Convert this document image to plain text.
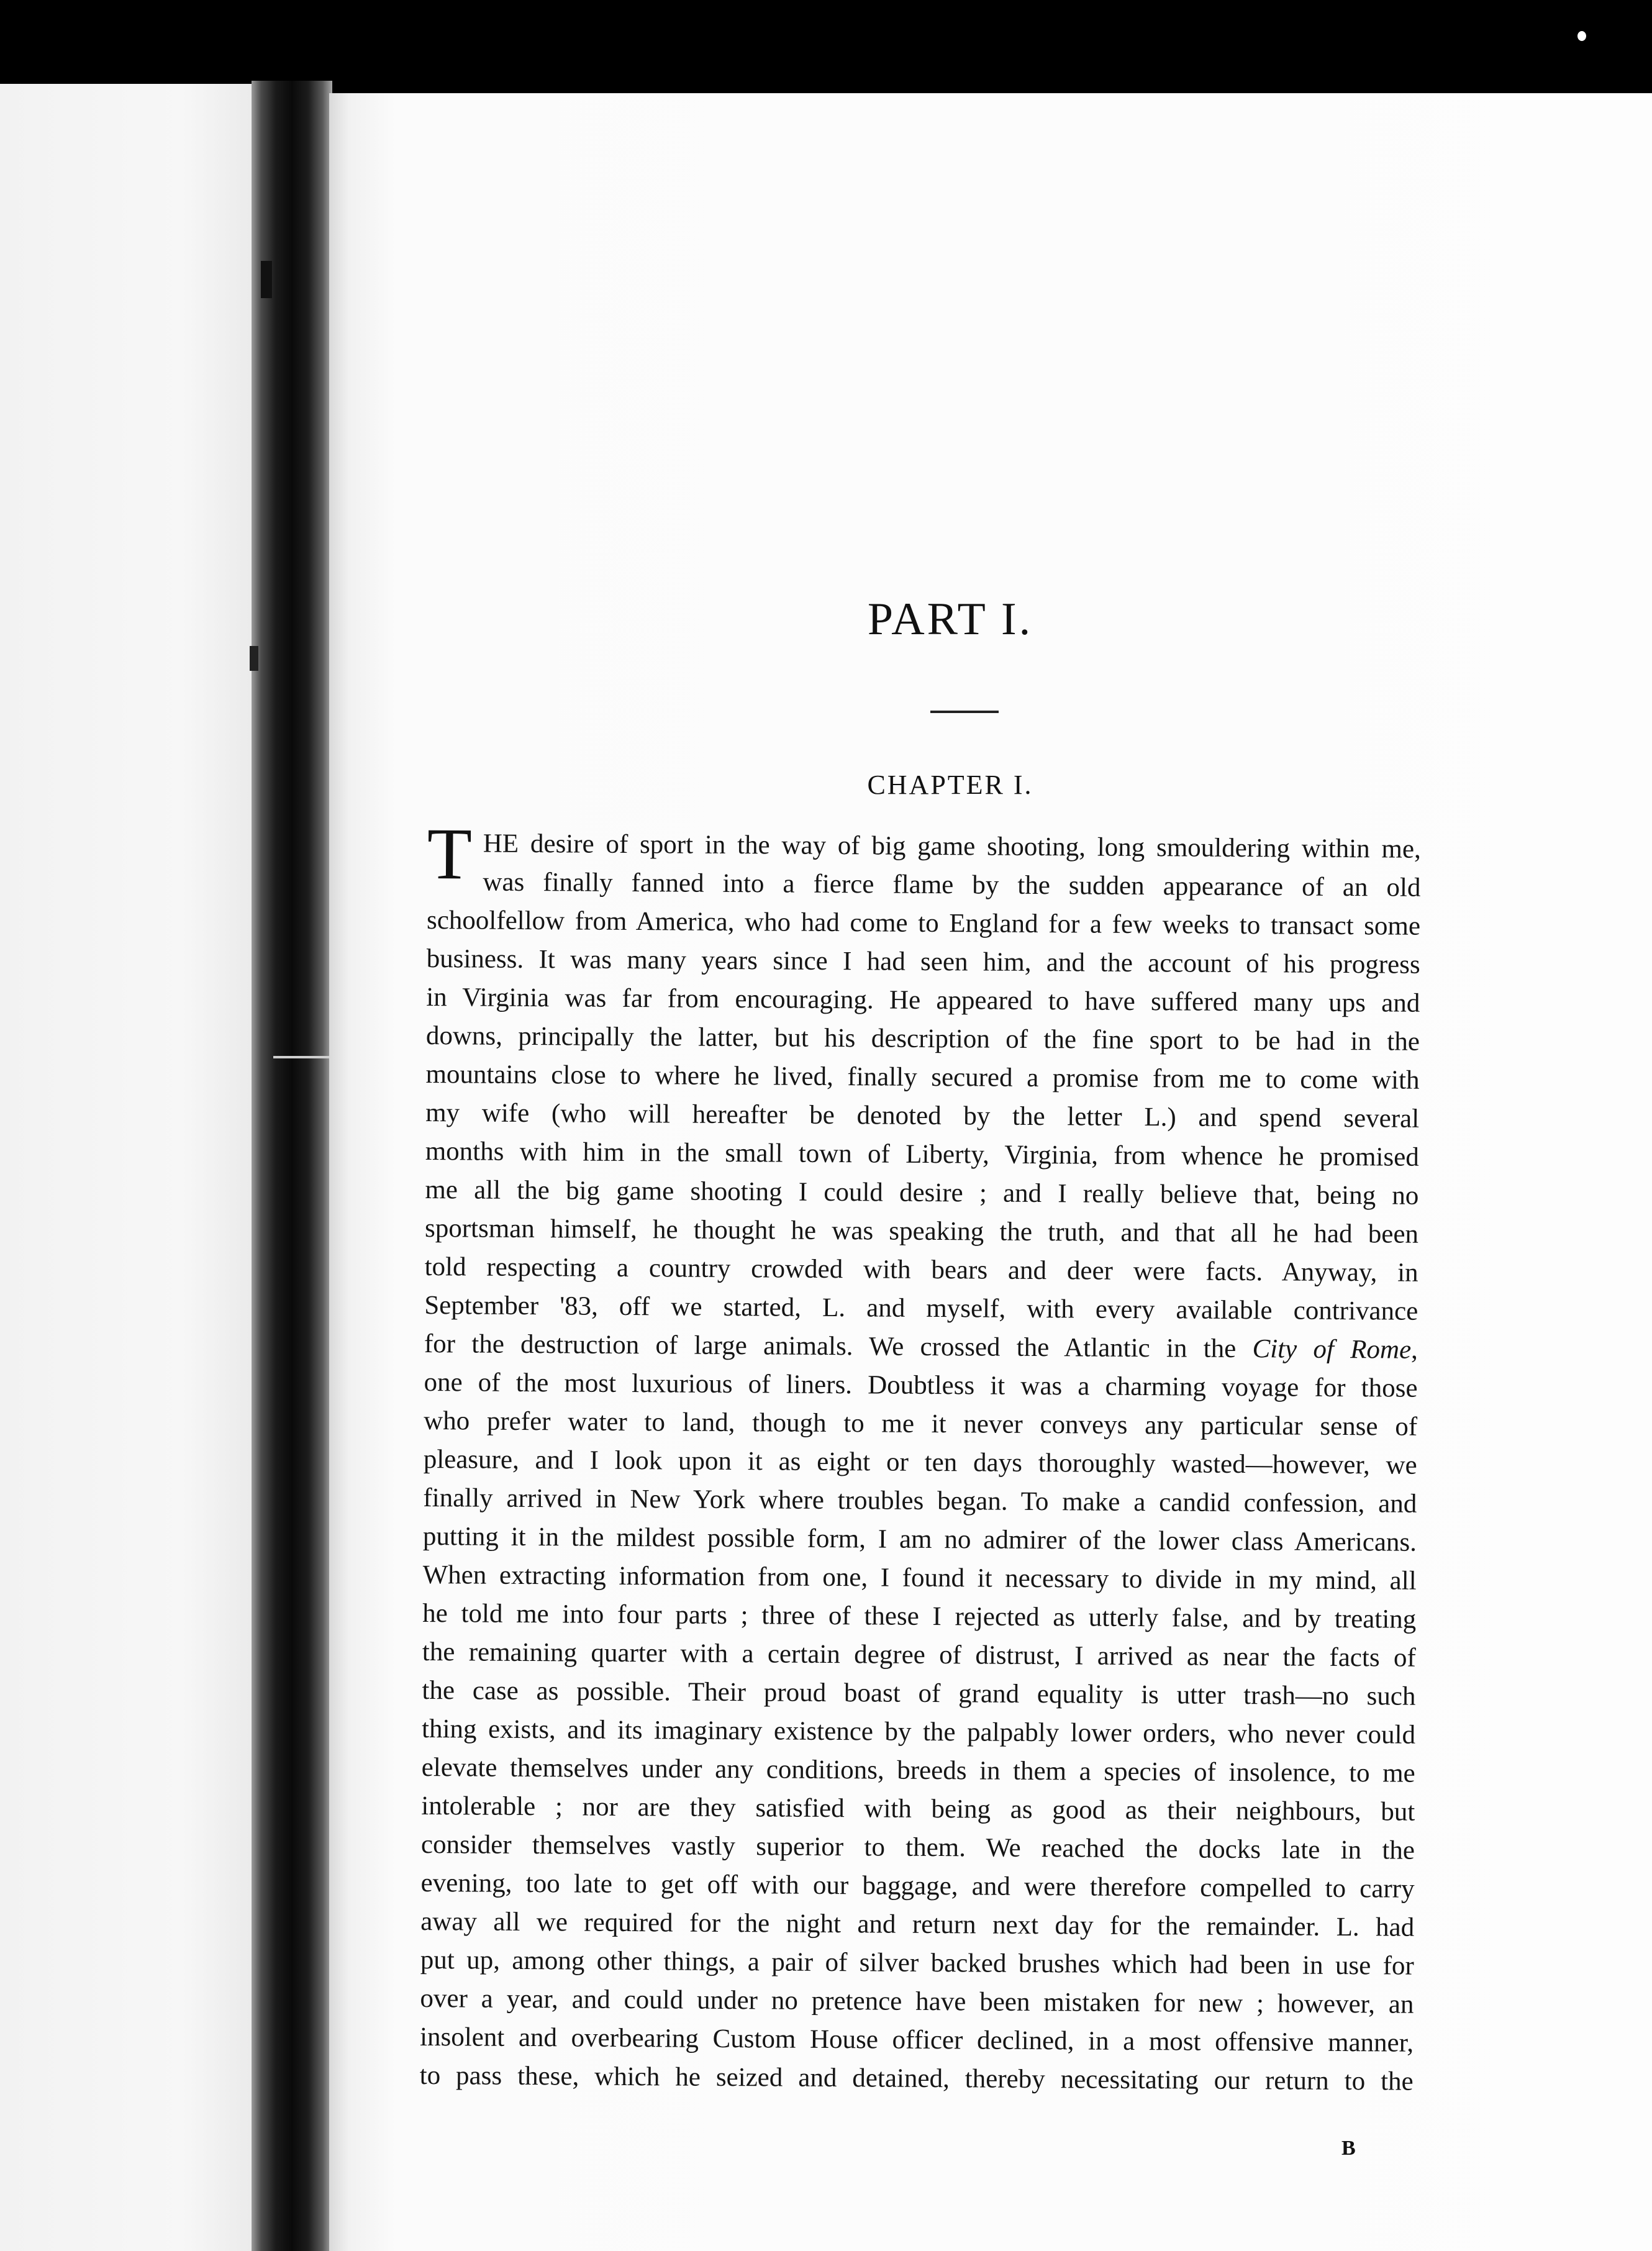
PART I.
CHAPTER I.
T HE desire of sport in the way of big game shooting, long smouldering within me,
was finally fanned into a fierce flame by the sudden appearance of an old
schoolfellow from America, who had come to England for a few weeks to transact some
business. It was many years since I had seen him, and the account of his progress
in Virginia was far from encouraging. He appeared to have suffered many ups and
downs, principally the latter, but his description of the fine sport to be had in the
mountains close to where he lived, finally secured a promise from me to come with
my wife (who will hereafter be denoted by the letter L.) and spend several
months with him in the small town of Liberty, Virginia, from whence he promised
me all the big game shooting I could desire ; and I really believe that, being no
sportsman himself, he thought he was speaking the truth, and that all he had been
told respecting a country crowded with bears and deer were facts. Anyway, in
September '83, off we started, L. and myself, with every available contrivance
for the destruction of large animals. We crossed the Atlantic in the City of Rome,
one of the most luxurious of liners. Doubtless it was a charming voyage for those
who prefer water to land, though to me it never conveys any particular sense of
pleasure, and I look upon it as eight or ten days thoroughly wasted—however, we
finally arrived in New York where troubles began. To make a candid confession, and
putting it in the mildest possible form, I am no admirer of the lower class Americans.
When extracting information from one, I found it necessary to divide in my mind, all
he told me into four parts ; three of these I rejected as utterly false, and by treating
the remaining quarter with a certain degree of distrust, I arrived as near the facts of
the case as possible. Their proud boast of grand equality is utter trash—no such
thing exists, and its imaginary existence by the palpably lower orders, who never could
elevate themselves under any conditions, breeds in them a species of insolence, to me
intolerable ; nor are they satisfied with being as good as their neighbours, but
consider themselves vastly superior to them. We reached the docks late in the
evening, too late to get off with our baggage, and were therefore compelled to carry
away all we required for the night and return next day for the remainder. L. had
put up, among other things, a pair of silver backed brushes which had been in use for
over a year, and could under no pretence have been mistaken for new ; however, an
insolent and overbearing Custom House officer declined, in a most offensive manner,
to pass these, which he seized and detained, thereby necessitating our return to the
B
